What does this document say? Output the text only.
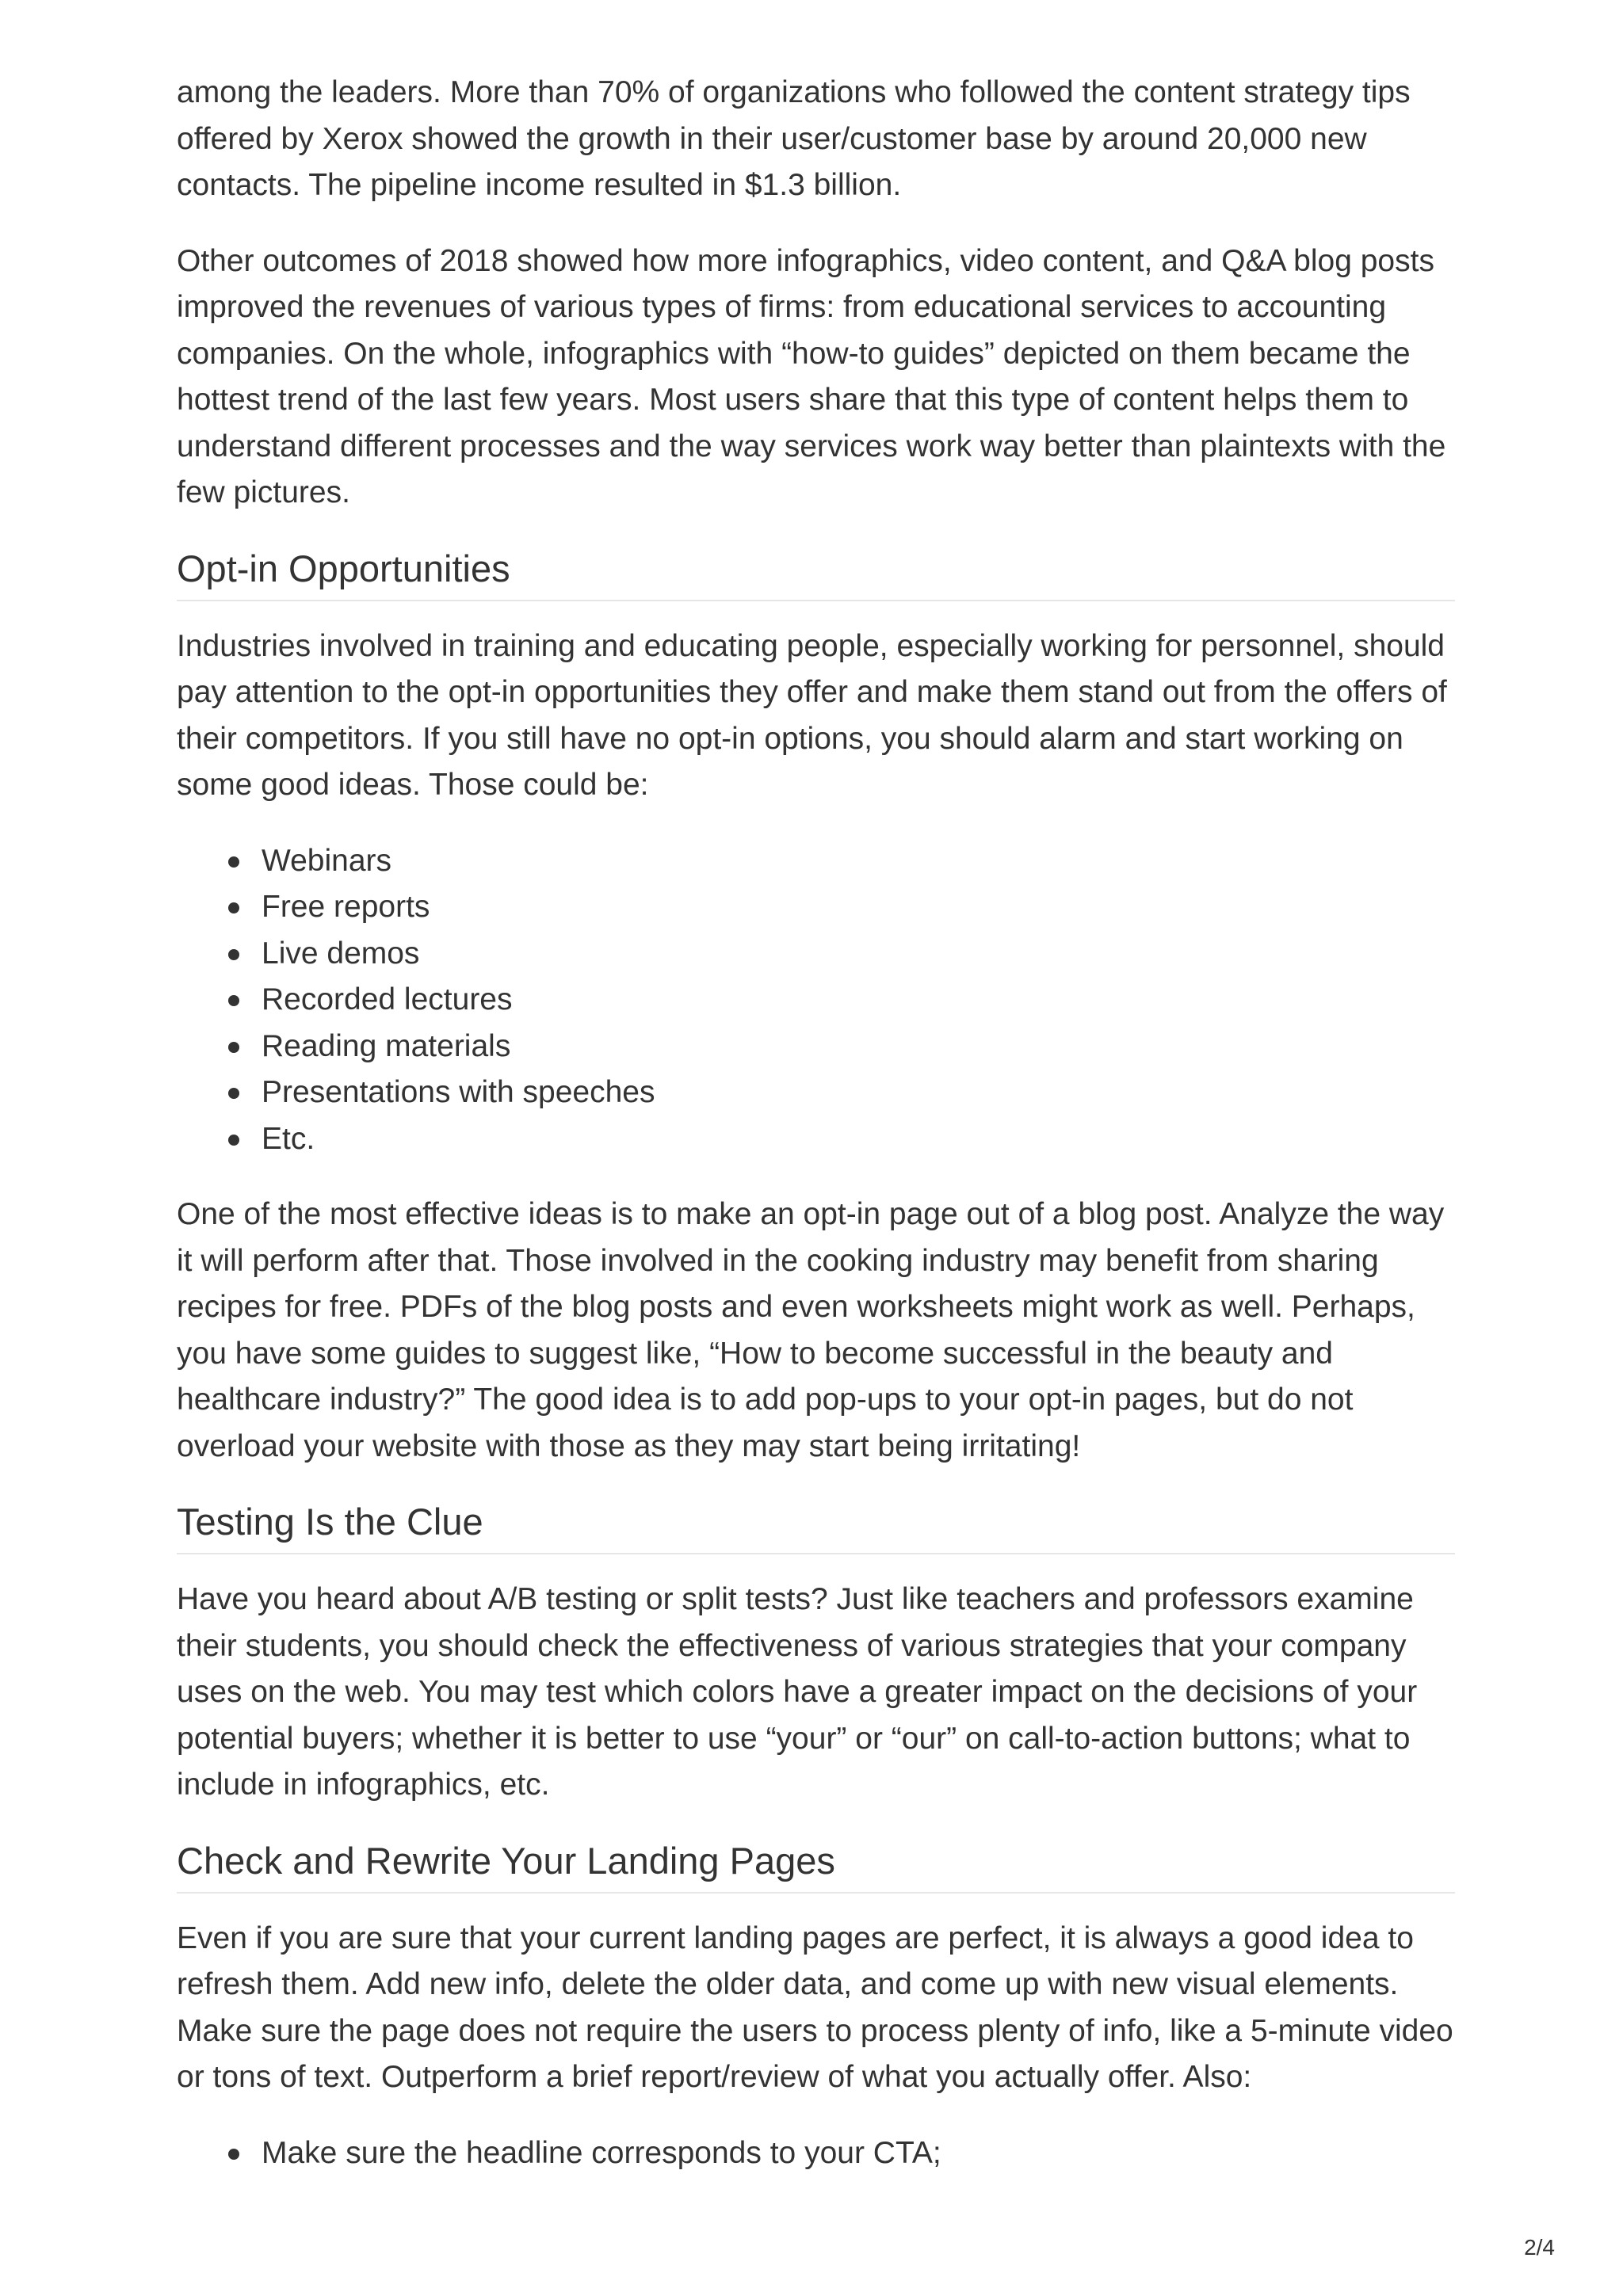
among the leaders. More than 70% of organizations who followed the content strategy tips offered by Xerox showed the growth in their user/customer base by around 20,000 new contacts. The pipeline income resulted in $1.3 billion.

Other outcomes of 2018 showed how more infographics, video content, and Q&A blog posts improved the revenues of various types of firms: from educational services to accounting companies. On the whole, infographics with “how-to guides” depicted on them became the hottest trend of the last few years. Most users share that this type of content helps them to understand different processes and the way services work way better than plaintexts with the few pictures.

Opt-in Opportunities

Industries involved in training and educating people, especially working for personnel, should pay attention to the opt-in opportunities they offer and make them stand out from the offers of their competitors. If you still have no opt-in options, you should alarm and start working on some good ideas. Those could be:

Webinars
Free reports
Live demos
Recorded lectures
Reading materials
Presentations with speeches
Etc.

One of the most effective ideas is to make an opt-in page out of a blog post. Analyze the way it will perform after that. Those involved in the cooking industry may benefit from sharing recipes for free. PDFs of the blog posts and even worksheets might work as well. Perhaps, you have some guides to suggest like, “How to become successful in the beauty and healthcare industry?” The good idea is to add pop-ups to your opt-in pages, but do not overload your website with those as they may start being irritating!

Testing Is the Clue

Have you heard about A/B testing or split tests? Just like teachers and professors examine their students, you should check the effectiveness of various strategies that your company uses on the web. You may test which colors have a greater impact on the decisions of your potential buyers; whether it is better to use “your” or “our” on call-to-action buttons; what to include in infographics, etc.

Check and Rewrite Your Landing Pages

Even if you are sure that your current landing pages are perfect, it is always a good idea to refresh them. Add new info, delete the older data, and come up with new visual elements. Make sure the page does not require the users to process plenty of info, like a 5-minute video or tons of text. Outperform a brief report/review of what you actually offer. Also:

Make sure the headline corresponds to your CTA;
2/4
